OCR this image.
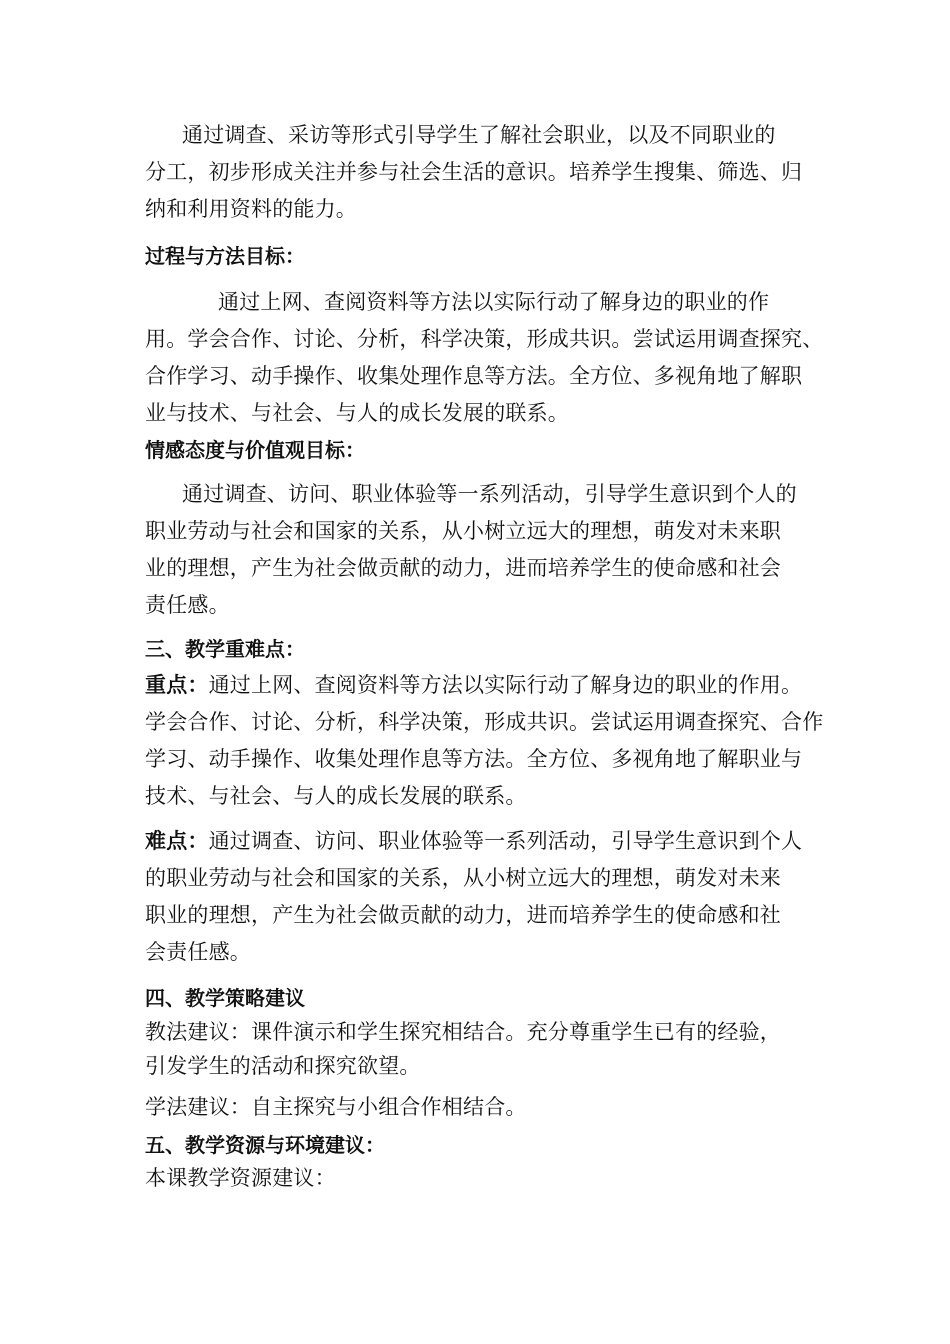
通过调查、采访等形式引导学生了解社会职业，以及不同职业的
分工，初步形成关注并参与社会生活的意识。培养学生搜集、筛选、归
纳和利用资料的能力。
过程与方法目标：
通过上网、查阅资料等方法以实际行动了解身边的职业的作
用。学会合作、讨论、分析，科学决策，形成共识。尝试运用调查探究、
合作学习、动手操作、收集处理作息等方法。全方位、多视角地了解职
业与技术、与社会、与人的成长发展的联系。
情感态度与价值观目标：
通过调查、访问、职业体验等一系列活动，引导学生意识到个人的
职业劳动与社会和国家的关系，从小树立远大的理想，萌发对未来职
业的理想，产生为社会做贡献的动力，进而培养学生的使命感和社会
责任感。
三、教学重难点：
重点：通过上网、查阅资料等方法以实际行动了解身边的职业的作用。
学会合作、讨论、分析，科学决策，形成共识。尝试运用调查探究、合作
学习、动手操作、收集处理作息等方法。全方位、多视角地了解职业与
技术、与社会、与人的成长发展的联系。
难点：通过调查、访问、职业体验等一系列活动，引导学生意识到个人
的职业劳动与社会和国家的关系，从小树立远大的理想，萌发对未来
职业的理想，产生为社会做贡献的动力，进而培养学生的使命感和社
会责任感。
四、教学策略建议
教法建议：课件演示和学生探究相结合。充分尊重学生已有的经验，
引发学生的活动和探究欲望。
学法建议：自主探究与小组合作相结合。
五、教学资源与环境建议：
本课教学资源建议：
